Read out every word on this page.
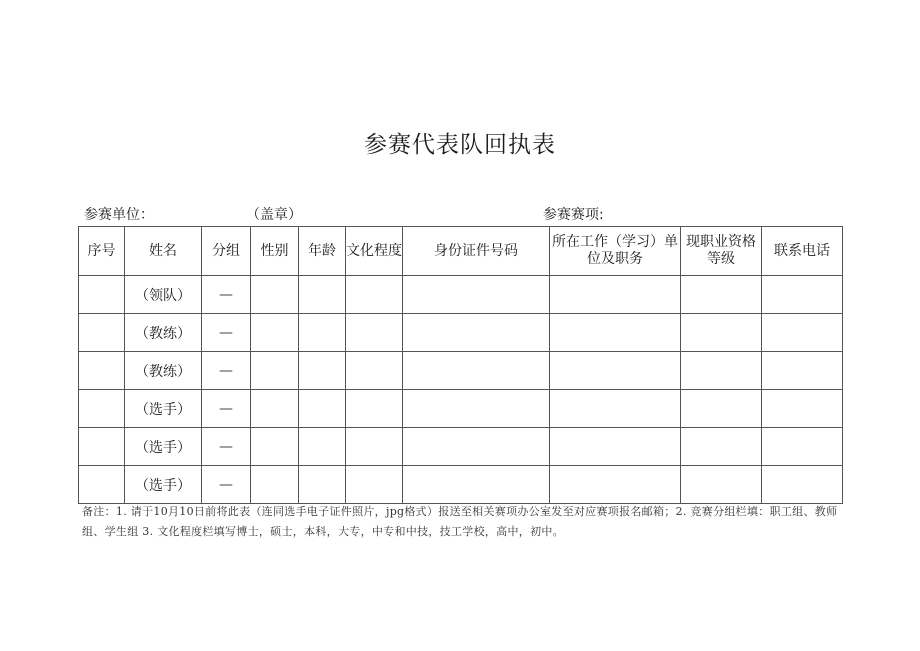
参赛代表队回执表
参赛单位：	（盖章）	参赛赛项:
序号	姓名	分组	性别	年龄	文化程度	身份证件号码	所在工作（学习）单位及职务	现职业资格等级	联系电话
	（领队）	—							
	（教练）	—							
	（教练）	—							
	（选手）	—							
	（选手）	—							
	（选手）	—							
备注：1. 请于10月10日前将此表（连同选手电子证件照片，jpg格式）报送至相关赛项办公室发至对应赛项报名邮箱；2. 竞赛分组栏填：职工组、教师组、学生组 3. 文化程度栏填写博士，硕士，本科，大专，中专和中技，技工学校，高中，初中。
